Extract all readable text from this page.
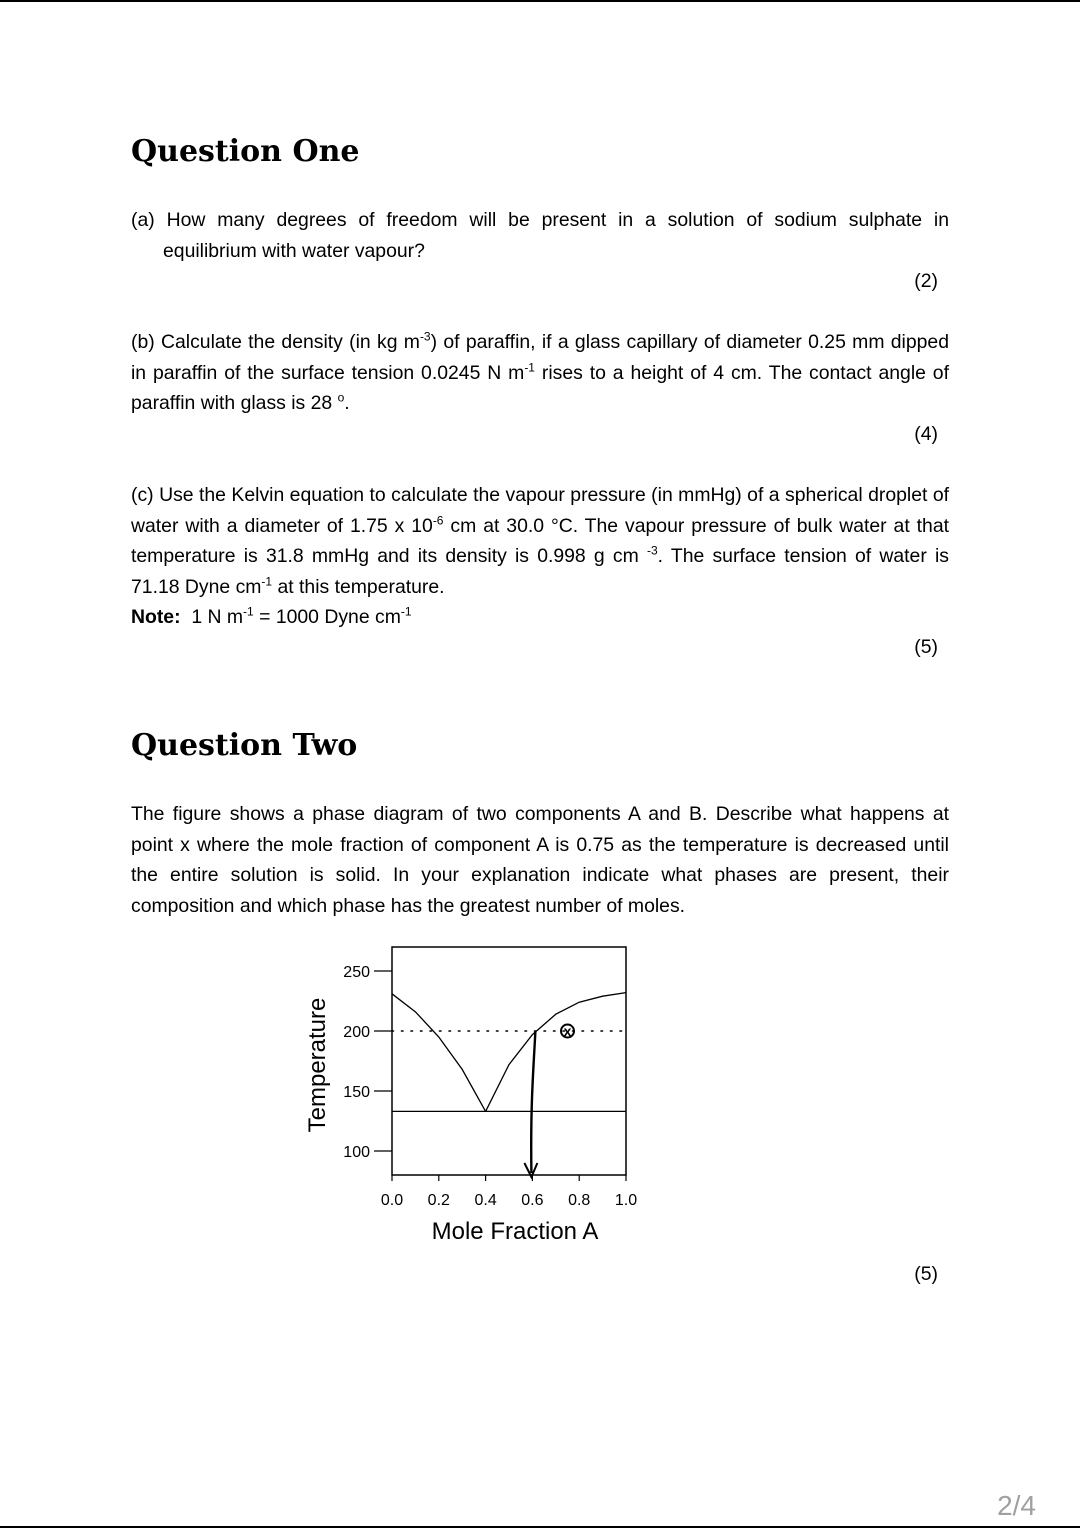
Question One

(a) How many degrees of freedom will be present in a solution of sodium sulphate in equilibrium with water vapour?

(2)

(b) Calculate the density (in kg $m^{-3}$) of paraffin, if a glass capillary of diameter 0.25 mm dipped in paraffin of the surface tension 0.0245 N $m^{-1}$ rises to a height of 4 cm. The contact angle of paraffin with glass is 28 $^o$.

(4)

(c) Use the Kelvin equation to calculate the vapour pressure (in mmHg) of a spherical droplet of water with a diameter of 1.75 x $10^{-6}$ cm at 30.0 °C. The vapour pressure of bulk water at that temperature is 31.8 mmHg and its density is 0.998 g cm $^{-3}$. The surface tension of water is 71.18 Dyne $cm^{-1}$ at this temperature.
Note: 1 N $m^{-1} = 1000$ Dyne $cm^{-1}$

(5)
Question Two

The figure shows a phase diagram of two components A and B. Describe what happens at point x where the mole fraction of component A is 0.75 as the temperature is decreased until the entire solution is solid. In your explanation indicate what phases are present, their composition and which phase has the greatest number of moles.

250
200
150
100
0.0 0.2 0.4 0.6 0.8 1.0
x
Temperature
Mole Fraction A
(5)
2/4
